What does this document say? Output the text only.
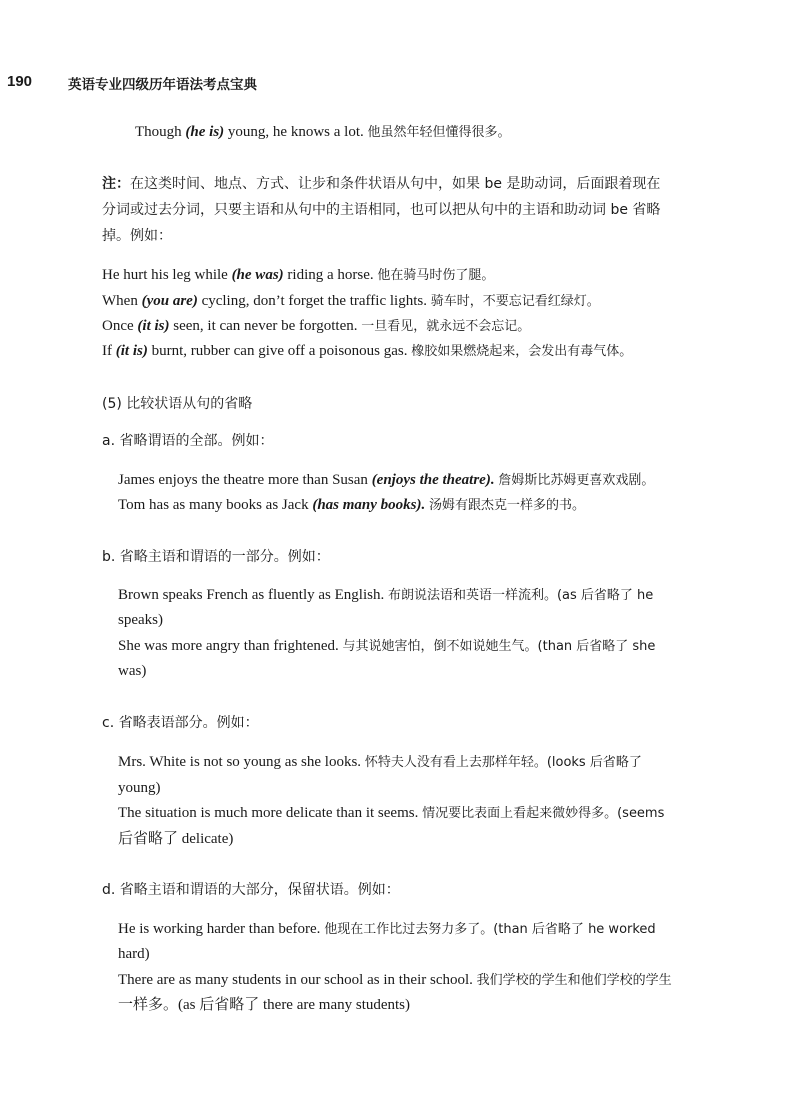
190	英语专业四级历年语法考点宝典
Though (he is) young, he knows a lot. 他虽然年轻但懂得很多。
注：在这类时间、地点、方式、让步和条件状语从句中，如果 be 是助动词，后面跟着现在
分词或过去分词，只要主语和从句中的主语相同，也可以把从句中的主语和助动词 be 省略
掉。例如：
He hurt his leg while (he was) riding a horse. 他在骑马时伤了腿。
When (you are) cycling, don’t forget the traffic lights. 骑车时，不要忘记看红绿灯。
Once (it is) seen, it can never be forgotten. 一旦看见，就永远不会忘记。
If (it is) burnt, rubber can give off a poisonous gas. 橡胶如果燃烧起来，会发出有毒气体。
(5) 比较状语从句的省略
a. 省略谓语的全部。例如：
James enjoys the theatre more than Susan (enjoys the theatre). 詹姆斯比苏姆更喜欢戏剧。
Tom has as many books as Jack (has many books). 汤姆有跟杰克一样多的书。
b. 省略主语和谓语的一部分。例如：
Brown speaks French as fluently as English. 布朗说法语和英语一样流利。(as 后省略了 he
speaks)
She was more angry than frightened. 与其说她害怕，倒不如说她生气。(than 后省略了 she
was)
c. 省略表语部分。例如：
Mrs. White is not so young as she looks. 怀特夫人没有看上去那样年轻。(looks 后省略了
young)
The situation is much more delicate than it seems. 情况要比表面上看起来微妙得多。(seems
后省略了 delicate)
d. 省略主语和谓语的大部分，保留状语。例如：
He is working harder than before. 他现在工作比过去努力多了。(than 后省略了 he worked
hard)
There are as many students in our school as in their school. 我们学校的学生和他们学校的学生
一样多。(as 后省略了 there are many students)
